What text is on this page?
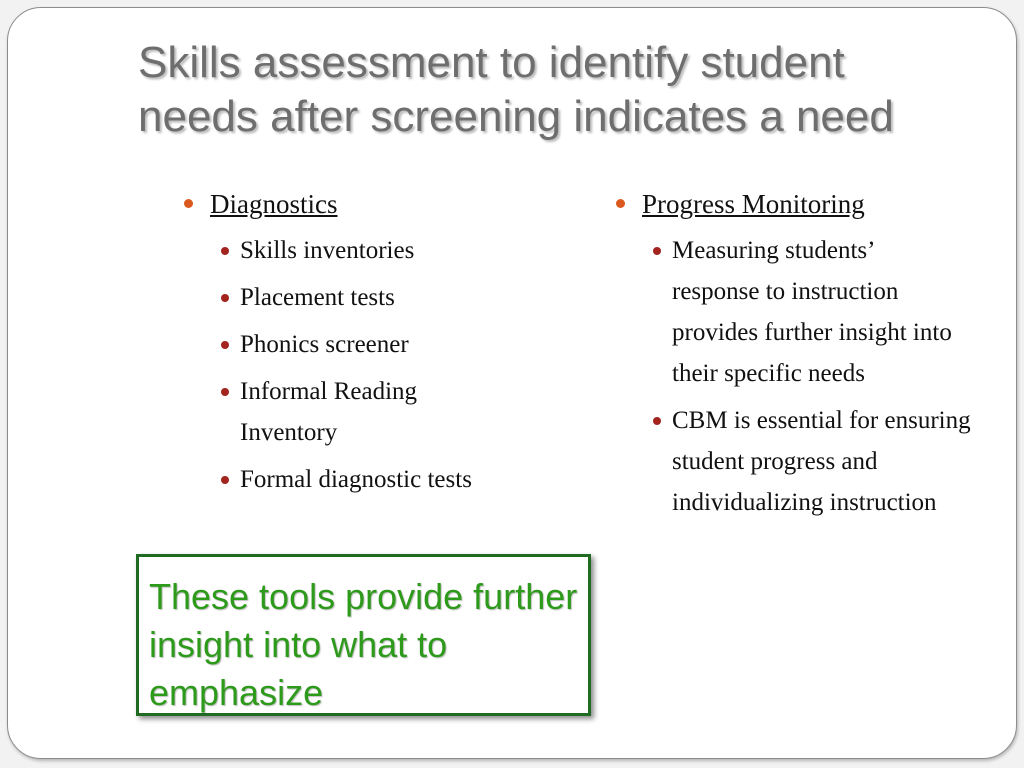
Skills assessment to identify student
needs after screening indicates a need
Diagnostics
Skills inventories
Placement tests
Phonics screener
Informal Reading Inventory
Formal diagnostic tests
Progress Monitoring
Measuring students’ response to instruction provides further insight into their specific needs
CBM is essential for ensuring student progress and individualizing instruction
These tools provide further insight into what to emphasize
